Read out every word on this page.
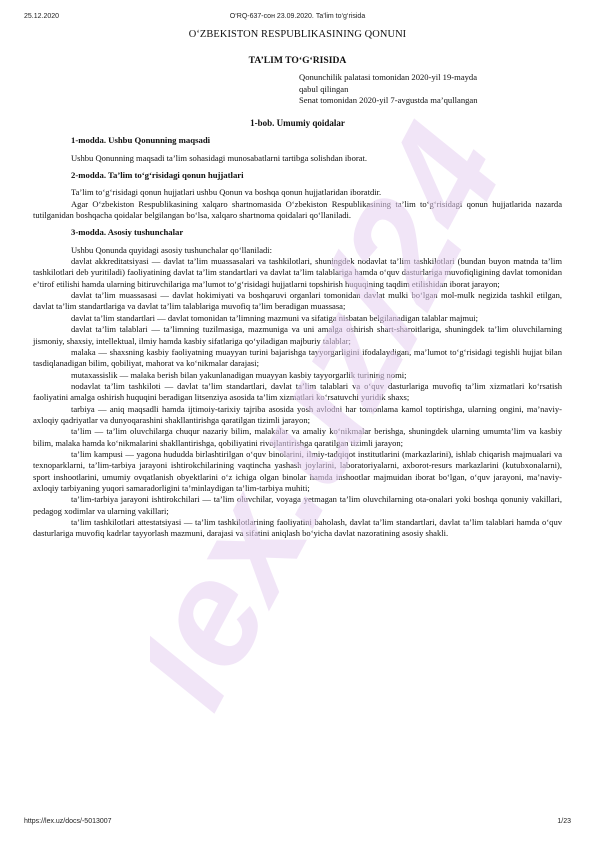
25.12.2020	O‘RQ-637-сон 23.09.2020. Ta’lim to‘g‘risida
O‘ZBEKISTON RESPUBLIKASINING QONUNI
TA’LIM TO‘G‘RISIDA
Qonunchilik palatasi tomonidan 2020-yil 19-mayda
qabul qilingan
Senat tomonidan 2020-yil 7-avgustda ma’qullangan

1-bob. Umumiy qoidalar

1-modda. Ushbu Qonunning maqsadi

Ushbu Qonunning maqsadi ta’lim sohasidagi munosabatlarni tartibga solishdan iborat.

2-modda. Ta’lim to‘g‘risidagi qonun hujjatlari

Ta’lim to‘g‘risidagi qonun hujjatlari ushbu Qonun va boshqa qonun hujjatlaridan iboratdir.

Agar O‘zbekiston Respublikasining xalqaro shartnomasida O‘zbekiston Respublikasining ta’lim to‘g‘risidagi qonun hujjatlarida nazarda tutilganidan boshqacha qoidalar belgilangan bo‘lsa, xalqaro shartnoma qoidalari qo‘llaniladi.

3-modda. Asosiy tushunchalar

Ushbu Qonunda quyidagi asosiy tushunchalar qo‘llaniladi:

davlat akkreditatsiyasi — davlat ta’lim muassasalari va tashkilotlari, shuningdek nodavlat ta’lim tashkilotlari (bundan buyon matnda ta’lim tashkilotlari deb yuritiladi) faoliyatining davlat ta’lim standartlari va davlat ta’lim talablariga hamda o‘quv dasturlariga muvofiqligining davlat tomonidan e’tirof etilishi hamda ularning bitiruvchilariga ma’lumot to‘g‘risidagi hujjatlarni topshirish huquqining taqdim etilishidan iborat jarayon;

davlat ta’lim muassasasi — davlat hokimiyati va boshqaruvi organlari tomonidan davlat mulki bo‘lgan mol-mulk negizida tashkil etilgan, davlat ta’lim standartlariga va davlat ta’lim talablariga muvofiq ta’lim beradigan muassasa;

davlat ta’lim standartlari — davlat tomonidan ta’limning mazmuni va sifatiga nisbatan belgilanadigan talablar majmui;

davlat ta’lim talablari — ta’limning tuzilmasiga, mazmuniga va uni amalga oshirish shart-sharoitlariga, shuningdek ta’lim oluvchilarning jismoniy, shaxsiy, intellektual, ilmiy hamda kasbiy sifatlariga qo‘yiladigan majburiy talablar;

malaka — shaxsning kasbiy faoliyatning muayyan turini bajarishga tayyorgarligini ifodalaydigan, ma’lumot to‘g‘risidagi tegishli hujjat bilan tasdiqlanadigan bilim, qobiliyat, mahorat va ko‘nikmalar darajasi;

mutaxassislik — malaka berish bilan yakunlanadigan muayyan kasbiy tayyorgarlik turining nomi;

nodavlat ta’lim tashkiloti — davlat ta’lim standartlari, davlat ta’lim talablari va o‘quv dasturlariga muvofiq ta’lim xizmatlari ko‘rsatish faoliyatini amalga oshirish huquqini beradigan litsenziya asosida ta’lim xizmatlari ko‘rsatuvchi yuridik shaxs;

tarbiya — aniq maqsadli hamda ijtimoiy-tarixiy tajriba asosida yosh avlodni har tomonlama kamol toptirishga, ularning ongini, ma’naviy-axloqiy qadriyatlar va dunyoqarashini shakllantirishga qaratilgan tizimli jarayon;

ta’lim — ta’lim oluvchilarga chuqur nazariy bilim, malakalar va amaliy ko‘nikmalar berishga, shuningdek ularning umumta’lim va kasbiy bilim, malaka hamda ko‘nikmalarini shakllantirishga, qobiliyatini rivojlantirishga qaratilgan tizimli jarayon;

ta’lim kampusi — yagona hududda birlashtirilgan o‘quv binolarini, ilmiy-tadqiqot institutlarini (markazlarini), ishlab chiqarish majmualari va texnoparklarni, ta’lim-tarbiya jarayoni ishtirokchilarining vaqtincha yashash joylarini, laboratoriyalarni, axborot-resurs markazlarini (kutubxonalarni), sport inshootlarini, umumiy ovqatlanish obyektlarini o‘z ichiga olgan binolar hamda inshootlar majmuidan iborat bo‘lgan, o‘quv jarayoni, ma’naviy-axloqiy tarbiyaning yuqori samaradorligini ta’minlaydigan ta’lim-tarbiya muhiti;

ta’lim-tarbiya jarayoni ishtirokchilari — ta’lim oluvchilar, voyaga yetmagan ta’lim oluvchilarning ota-onalari yoki boshqa qonuniy vakillari, pedagog xodimlar va ularning vakillari;

ta’lim tashkilotlari attestatsiyasi — ta’lim tashkilotlarining faoliyatini baholash, davlat ta’lim standartlari, davlat ta’lim talablari hamda o‘quv dasturlariga muvofiq kadrlar tayyorlash mazmuni, darajasi va sifatini aniqlash bo‘yicha davlat nazoratining asosiy shakli.

lex.uz/24
https://lex.uz/docs/-5013007	1/23
